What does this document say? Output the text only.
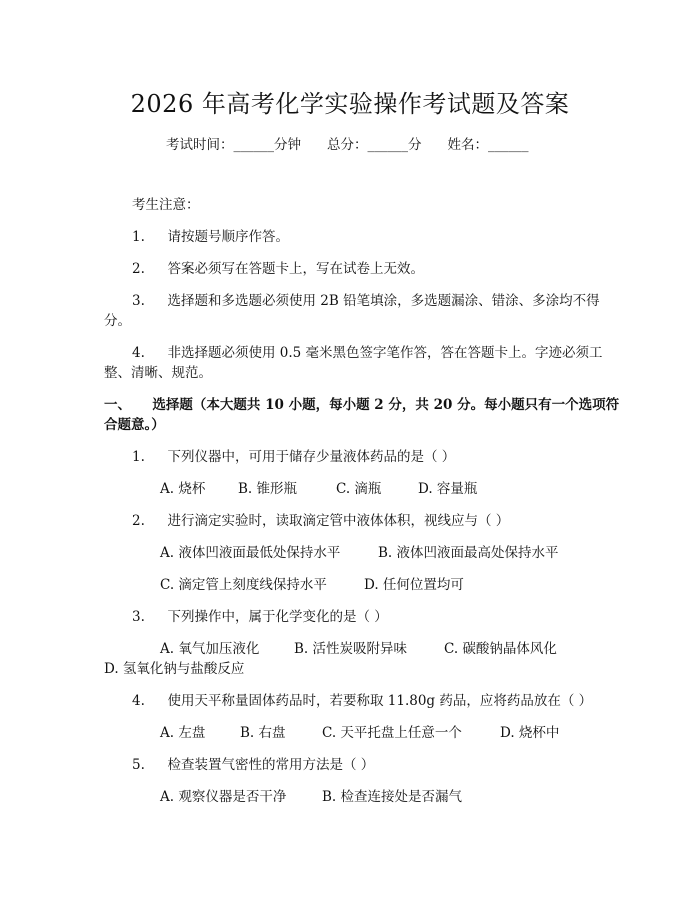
2026 年高考化学实验操作考试题及答案
考试时间： ______ 分钟 总分： ______ 分 姓名： ______
考生注意：
1. 请按题号顺序作答。
2. 答案必须写在答题卡上，写在试卷上无效。
3. 选择题和多选题必须使用 2B 铅笔填涂，多选题漏涂、错涂、多涂均不得
分。
4. 非选择题必须使用 0.5 毫米黑色签字笔作答，答在答题卡上。字迹必须工
整、清晰、规范。
一、 选择题（本大题共 10 小题，每小题 2 分，共 20 分。每小题只有一个选项符
合题意。）
1. 下列仪器中，可用于储存少量液体药品的是（ ）
A. 烧杯 B. 锥形瓶	C. 滴瓶	D. 容量瓶
2. 进行滴定实验时，读取滴定管中液体体积，视线应与（ ）
A. 液体凹液面最低处保持水平	B. 液体凹液面最高处保持水平
C. 滴定管上刻度线保持水平	D. 任何位置均可
3. 下列操作中，属于化学变化的是（ ）
A. 氧气加压液化	B. 活性炭吸附异味	C. 碳酸钠晶体风化
D. 氢氧化钠与盐酸反应
4. 使用天平称量固体药品时，若要称取 11.80g 药品，应将药品放在（ ）
A. 左盘	B. 右盘	C. 天平托盘上任意一个	D. 烧杯中
5. 检查装置气密性的常用方法是（ ）
A. 观察仪器是否干净	B. 检查连接处是否漏气
